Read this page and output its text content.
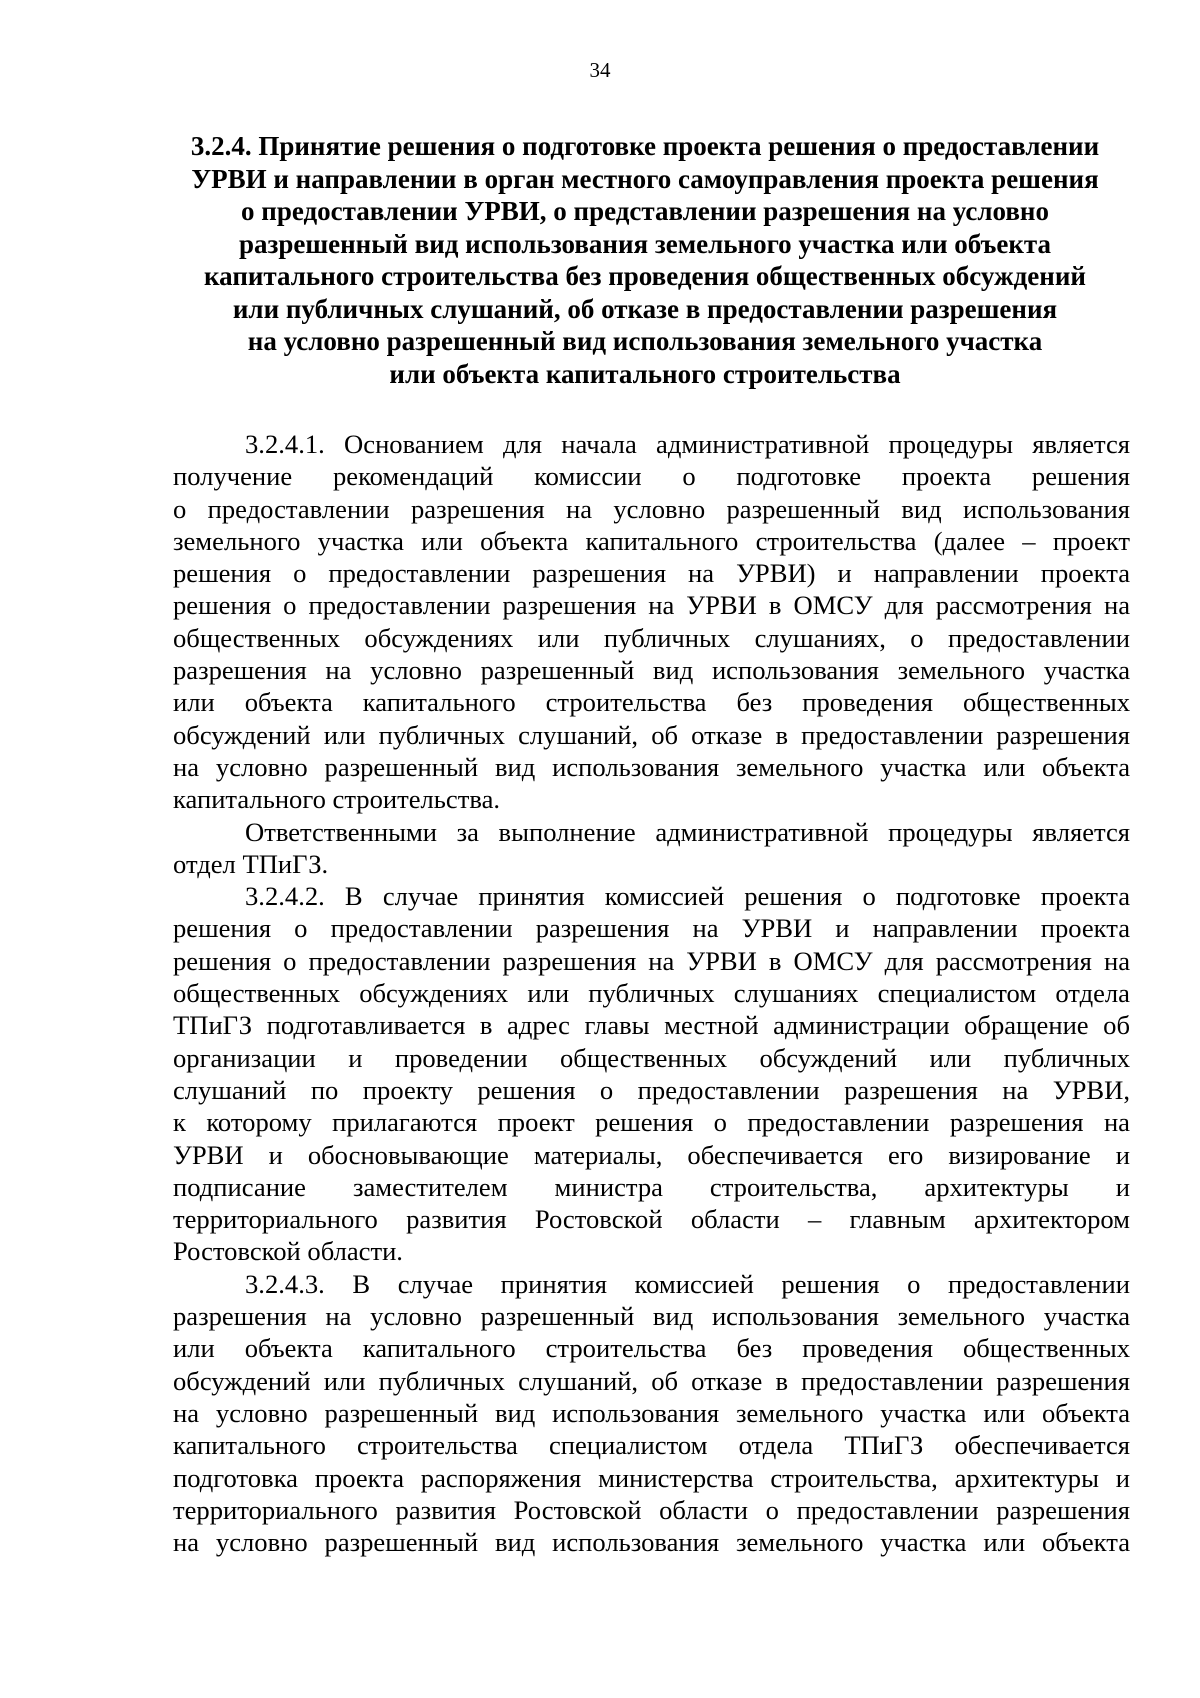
34
3.2.4. Принятие решения о подготовке проекта решения о предоставлении
УРВИ и направлении в орган местного самоуправления проекта решения
о предоставлении УРВИ, о представлении разрешения на условно
разрешенный вид использования земельного участка или объекта
капитального строительства без проведения общественных обсуждений
или публичных слушаний, об отказе в предоставлении разрешения
на условно разрешенный вид использования земельного участка
или объекта капитального строительства

3.2.4.1. Основанием для начала административной процедуры является
получение рекомендаций комиссии о подготовке проекта решения
о предоставлении разрешения на условно разрешенный вид использования
земельного участка или объекта капитального строительства (далее – проект
решения о предоставлении разрешения на УРВИ) и направлении проекта
решения о предоставлении разрешения на УРВИ в ОМСУ для рассмотрения на
общественных обсуждениях или публичных слушаниях, о предоставлении
разрешения на условно разрешенный вид использования земельного участка
или объекта капитального строительства без проведения общественных
обсуждений или публичных слушаний, об отказе в предоставлении разрешения
на условно разрешенный вид использования земельного участка или объекта
капитального строительства.

Ответственными за выполнение административной процедуры является
отдел ТПиГЗ.

3.2.4.2. В случае принятия комиссией решения о подготовке проекта
решения о предоставлении разрешения на УРВИ и направлении проекта
решения о предоставлении разрешения на УРВИ в ОМСУ для рассмотрения на
общественных обсуждениях или публичных слушаниях специалистом отдела
ТПиГЗ подготавливается в адрес главы местной администрации обращение об
организации и проведении общественных обсуждений или публичных
слушаний по проекту решения о предоставлении разрешения на УРВИ,
к которому прилагаются проект решения о предоставлении разрешения на
УРВИ и обосновывающие материалы, обеспечивается его визирование и
подписание заместителем министра строительства, архитектуры и
территориального развития Ростовской области – главным архитектором
Ростовской области.

3.2.4.3. В случае принятия комиссией решения о предоставлении
разрешения на условно разрешенный вид использования земельного участка
или объекта капитального строительства без проведения общественных
обсуждений или публичных слушаний, об отказе в предоставлении разрешения
на условно разрешенный вид использования земельного участка или объекта
капитального строительства специалистом отдела ТПиГЗ обеспечивается
подготовка проекта распоряжения министерства строительства, архитектуры и
территориального развития Ростовской области о предоставлении разрешения
на условно разрешенный вид использования земельного участка или объекта
